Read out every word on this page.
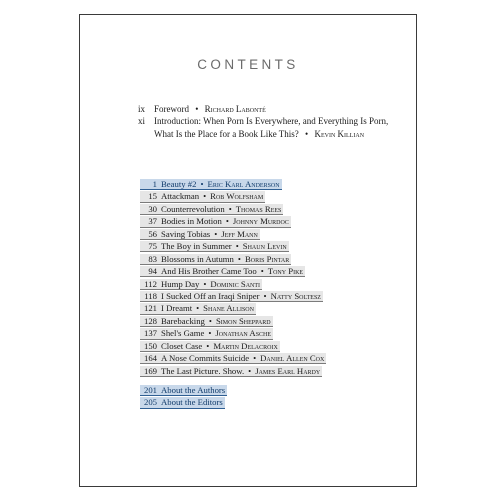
CONTENTS
ix Foreword • Richard Labonté
xi Introduction: When Porn Is Everywhere, and Everything Is Porn, What Is the Place for a Book Like This? • Kevin Killian
1 Beauty #2 • Eric Karl Anderson
15 Attackman • Rob Wolfsham
30 Counterrevolution • Thomas Rees
37 Bodies in Motion • Johnny Murdoc
56 Saving Tobias • Jeff Mann
75 The Boy in Summer • Shaun Levin
83 Blossoms in Autumn • Boris Pintar
94 And His Brother Came Too • Tony Pike
112 Hump Day • Dominic Santi
118 I Sucked Off an Iraqi Sniper • Natty Soltesz
121 I Dreamt • Shane Allison
128 Barebacking • Simon Sheppard
137 Shel's Game • Jonathan Asche
150 Closet Case • Martin Delacroix
164 A Nose Commits Suicide • Daniel Allen Cox
169 The Last Picture. Show. • James Earl Hardy
201 About the Authors
205 About the Editors
